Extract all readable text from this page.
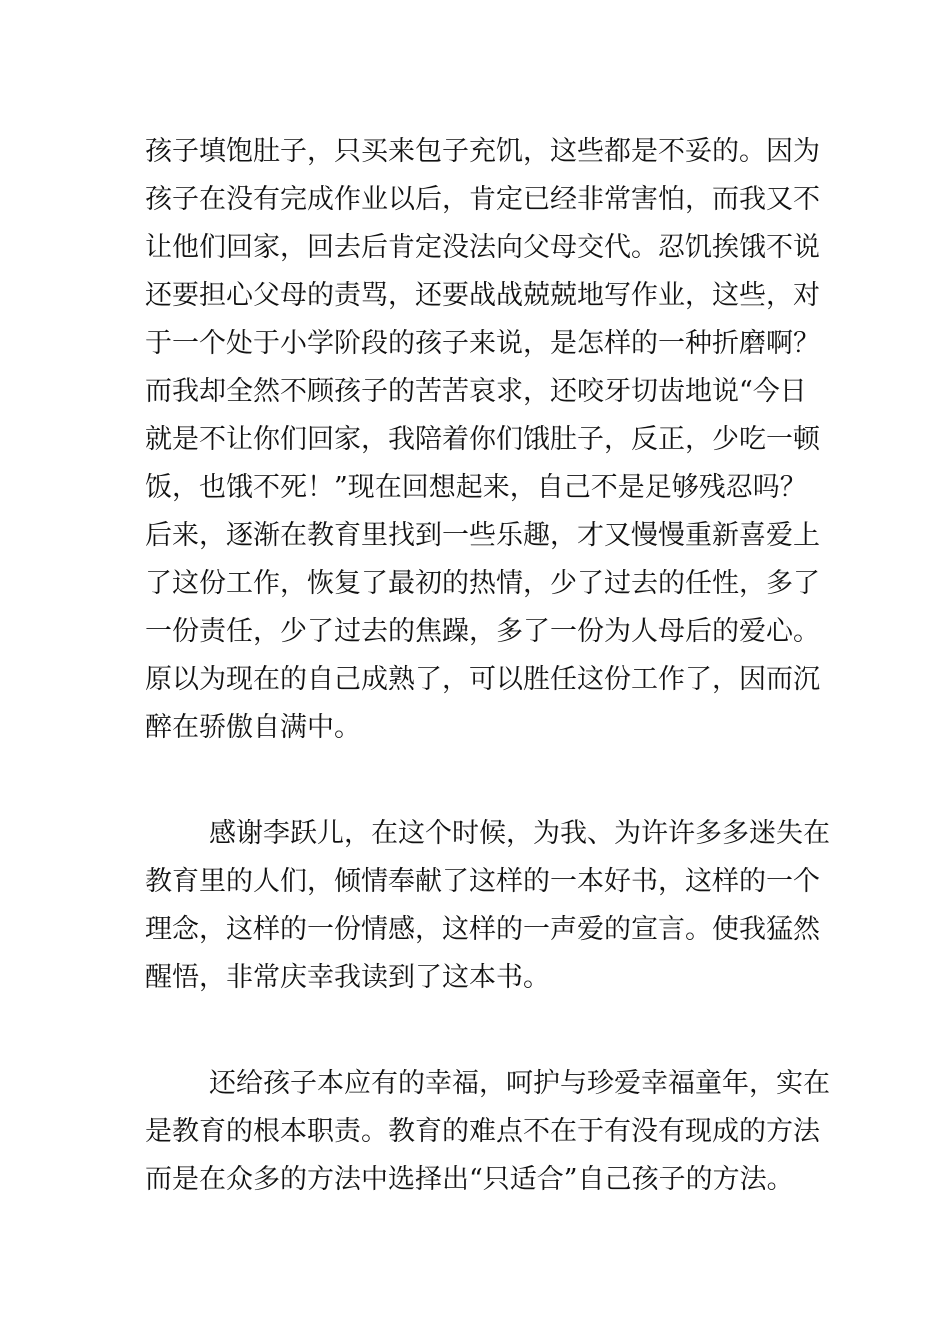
孩子填饱肚子，只买来包子充饥，这些都是不妥的。因为
孩子在没有完成作业以后，肯定已经非常害怕，而我又不
让他们回家，回去后肯定没法向父母交代。忍饥挨饿不说
还要担心父母的责骂，还要战战兢兢地写作业，这些，对
于一个处于小学阶段的孩子来说，是怎样的一种折磨啊？
而我却全然不顾孩子的苦苦哀求，还咬牙切齿地说“今日
就是不让你们回家，我陪着你们饿肚子，反正，少吃一顿
饭，也饿不死！”现在回想起来，自己不是足够残忍吗？
后来，逐渐在教育里找到一些乐趣，才又慢慢重新喜爱上
了这份工作，恢复了最初的热情，少了过去的任性，多了
一份责任，少了过去的焦躁，多了一份为人母后的爱心。
原以为现在的自己成熟了，可以胜任这份工作了，因而沉
醉在骄傲自满中。
感谢李跃儿，在这个时候，为我、为许许多多迷失在
教育里的人们，倾情奉献了这样的一本好书，这样的一个
理念，这样的一份情感，这样的一声爱的宣言。使我猛然
醒悟，非常庆幸我读到了这本书。
还给孩子本应有的幸福，呵护与珍爱幸福童年，实在
是教育的根本职责。教育的难点不在于有没有现成的方法
而是在众多的方法中选择出“只适合”自己孩子的方法。
